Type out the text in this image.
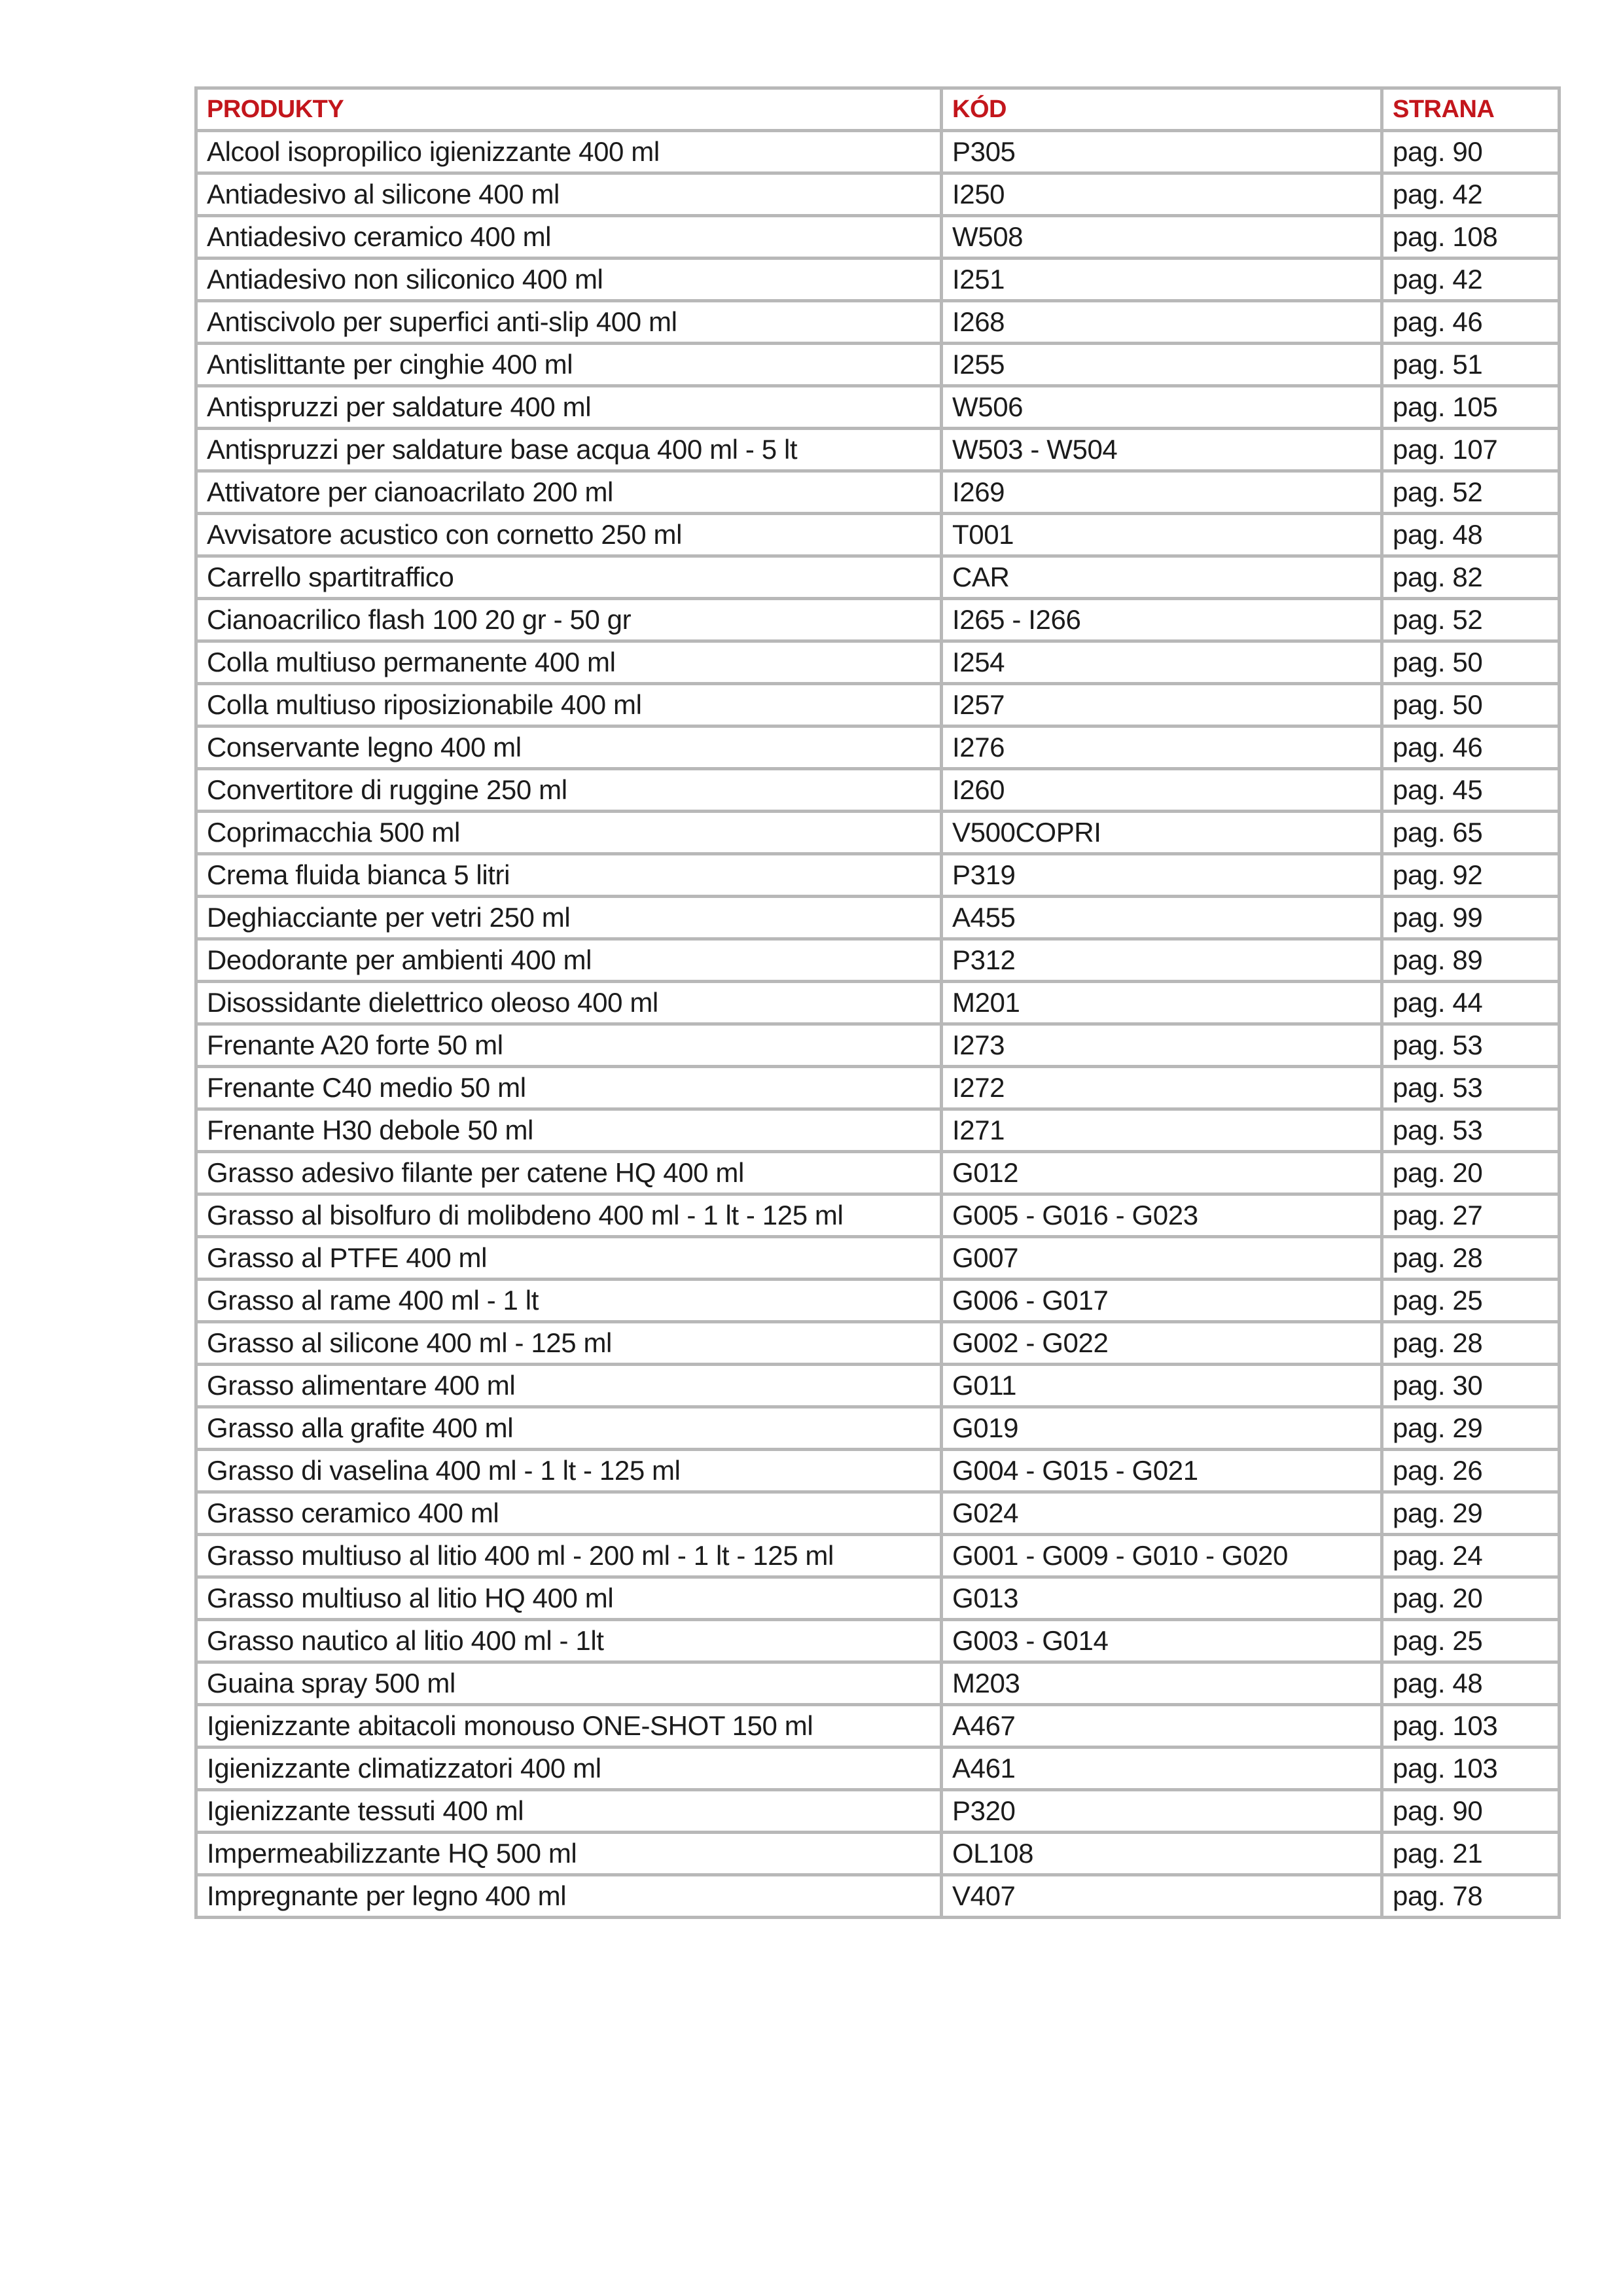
PRODUKTY	KÓD	STRANA
Alcool isopropilico igienizzante 400 ml	P305	pag. 90
Antiadesivo al silicone 400 ml	I250	pag. 42
Antiadesivo ceramico 400 ml	W508	pag. 108
Antiadesivo non siliconico 400 ml	I251	pag. 42
Antiscivolo per superfici anti-slip 400 ml	I268	pag. 46
Antislittante per cinghie 400 ml	I255	pag. 51
Antispruzzi per saldature 400 ml	W506	pag. 105
Antispruzzi per saldature base acqua 400 ml - 5 lt	W503 - W504	pag. 107
Attivatore per cianoacrilato 200 ml	I269	pag. 52
Avvisatore acustico con cornetto 250 ml	T001	pag. 48
Carrello spartitraffico	CAR	pag. 82
Cianoacrilico flash 100 20 gr - 50 gr	I265 - I266	pag. 52
Colla multiuso permanente 400 ml	I254	pag. 50
Colla multiuso riposizionabile 400 ml	I257	pag. 50
Conservante legno 400 ml	I276	pag. 46
Convertitore di ruggine 250 ml	I260	pag. 45
Coprimacchia 500 ml	V500COPRI	pag. 65
Crema fluida bianca 5 litri	P319	pag. 92
Deghiacciante per vetri 250 ml	A455	pag. 99
Deodorante per ambienti 400 ml	P312	pag. 89
Disossidante dielettrico oleoso 400 ml	M201	pag. 44
Frenante A20 forte 50 ml	I273	pag. 53
Frenante C40 medio 50 ml	I272	pag. 53
Frenante H30 debole 50 ml	I271	pag. 53
Grasso adesivo filante per catene HQ 400 ml	G012	pag. 20
Grasso al bisolfuro di molibdeno 400 ml - 1 lt - 125 ml	G005 - G016 - G023	pag. 27
Grasso al PTFE 400 ml	G007	pag. 28
Grasso al rame 400 ml - 1 lt	G006 - G017	pag. 25
Grasso al silicone 400 ml - 125 ml	G002 - G022	pag. 28
Grasso alimentare 400 ml	G011	pag. 30
Grasso alla grafite 400 ml	G019	pag. 29
Grasso di vaselina 400 ml - 1 lt - 125 ml	G004 - G015 - G021	pag. 26
Grasso ceramico 400 ml	G024	pag. 29
Grasso multiuso al litio 400 ml - 200 ml - 1 lt - 125 ml	G001 - G009 - G010 - G020	pag. 24
Grasso multiuso al litio HQ 400 ml	G013	pag. 20
Grasso nautico al litio 400 ml - 1lt	G003 - G014	pag. 25
Guaina spray 500 ml	M203	pag. 48
Igienizzante abitacoli monouso ONE-SHOT 150 ml	A467	pag. 103
Igienizzante climatizzatori 400 ml	A461	pag. 103
Igienizzante tessuti 400 ml	P320	pag. 90
Impermeabilizzante HQ 500 ml	OL108	pag. 21
Impregnante per legno 400 ml	V407	pag. 78
